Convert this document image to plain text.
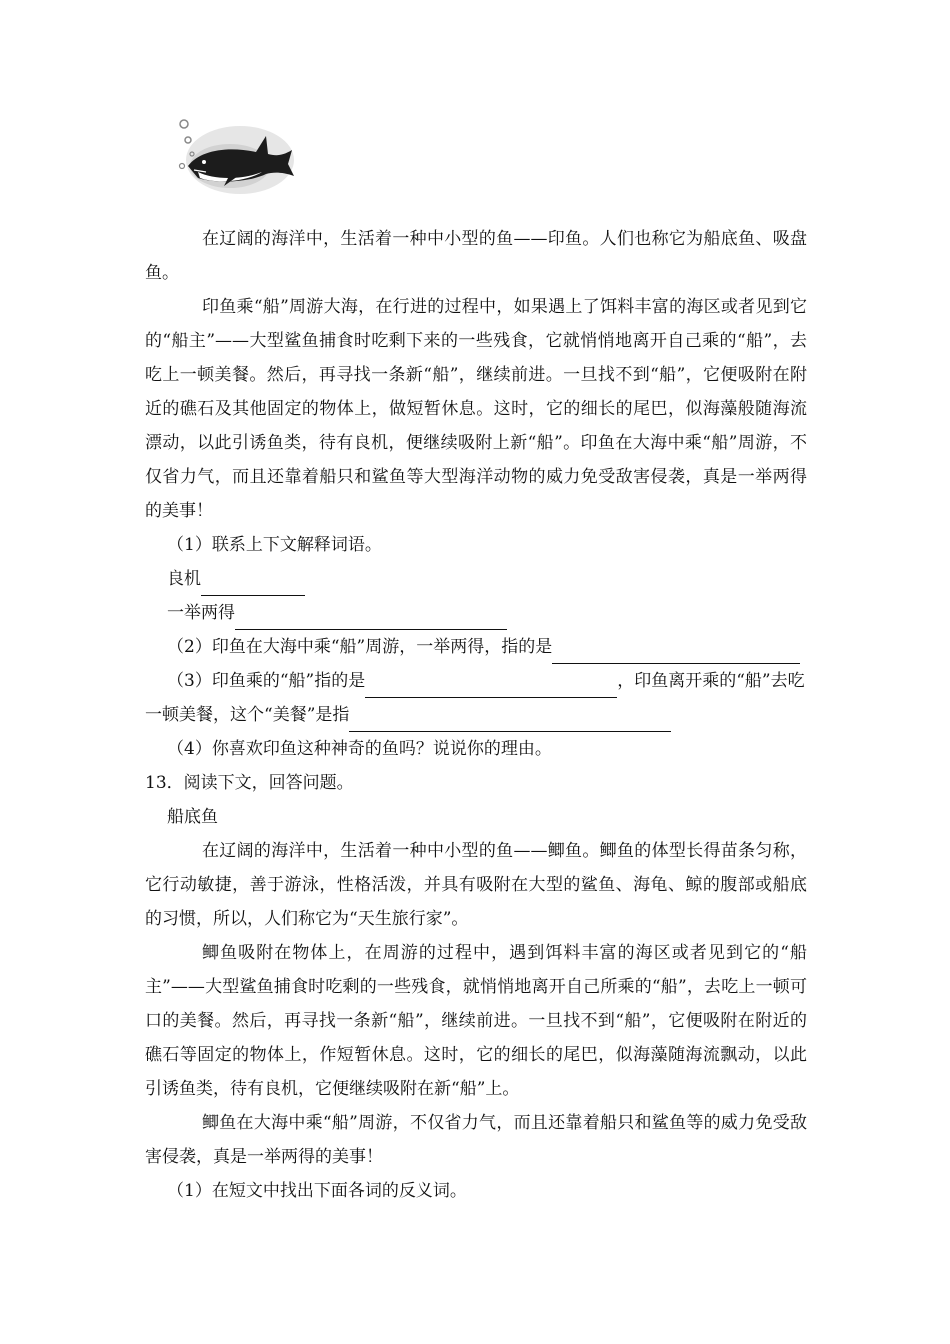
在辽阔的海洋中，生活着一种中小型的鱼——印鱼。人们也称它为船底鱼、吸盘鱼。

印鱼乘“船”周游大海，在行进的过程中，如果遇上了饵料丰富的海区或者见到它的“船主”——大型鲨鱼捕食时吃剩下来的一些残食，它就悄悄地离开自己乘的“船”，去吃上一顿美餐。然后，再寻找一条新“船”，继续前进。一旦找不到“船”，它便吸附在附近的礁石及其他固定的物体上，做短暂休息。这时，它的细长的尾巴，似海藻般随海流漂动，以此引诱鱼类，待有良机，便继续吸附上新“船”。印鱼在大海中乘“船”周游，不仅省力气，而且还靠着船只和鲨鱼等大型海洋动物的威力免受敌害侵袭，真是一举两得的美事！

（1）联系上下文解释词语。

良机

一举两得

（2）印鱼在大海中乘“船”周游，一举两得，指的是

（3）印鱼乘的“船”指的是	，印鱼离开乘的“船”去吃

一顿美餐，这个“美餐”是指

（4）你喜欢印鱼这种神奇的鱼吗？说说你的理由。

13．阅读下文，回答问题。

船底鱼

在辽阔的海洋中，生活着一种中小型的鱼——鲫鱼。鲫鱼的体型长得苗条匀称，它行动敏捷，善于游泳，性格活泼，并具有吸附在大型的鲨鱼、海龟、鲸的腹部或船底的习惯，所以，人们称它为“天生旅行家”。

鲫鱼吸附在物体上，在周游的过程中，遇到饵料丰富的海区或者见到它的“船主”——大型鲨鱼捕食时吃剩的一些残食，就悄悄地离开自己所乘的“船”，去吃上一顿可口的美餐。然后，再寻找一条新“船”，继续前进。一旦找不到“船”，它便吸附在附近的礁石等固定的物体上，作短暂休息。这时，它的细长的尾巴，似海藻随海流飘动，以此引诱鱼类，待有良机，它便继续吸附在新“船”上。

鲫鱼在大海中乘“船”周游，不仅省力气，而且还靠着船只和鲨鱼等的威力免受敌害侵袭，真是一举两得的美事！

（1）在短文中找出下面各词的反义词。
